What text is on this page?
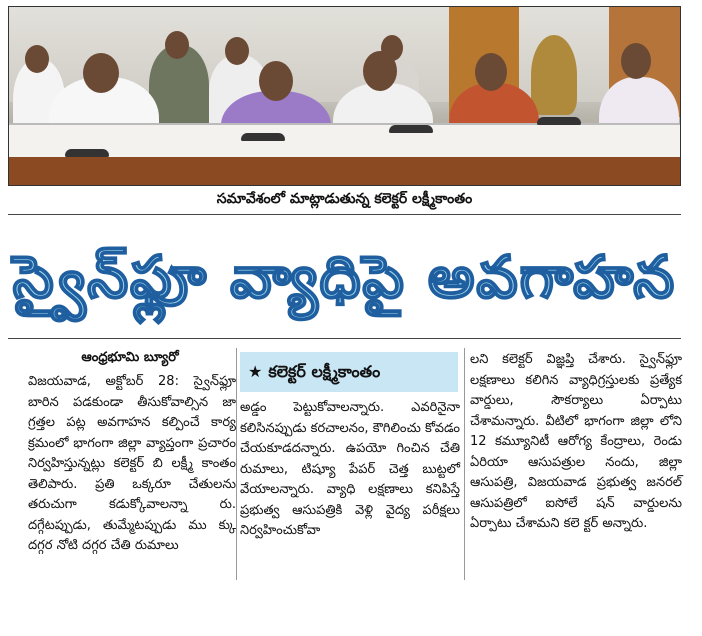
సమావేశంలో మాట్లాడుతున్న కలెక్టర్ లక్ష్మీకాంతం
స్వైన్‌ఫ్లూ వ్యాధిపై అవగాహన
ఆంధ్రభూమి బ్యూరో

విజయవాడ, అక్టోబర్ 28: స్వైన్‌ఫ్లూ బారిన పడకుండా తీసుకోవాల్సిన జా గ్రత్తల పట్ల అవగాహన కల్పించే కార్య క్రమంలో భాగంగా జిల్లా వ్యాప్తంగా ప్రచారం నిర్వహిస్తున్నట్లు కలెక్టర్ బి లక్ష్మీ కాంతం తెలిపారు. ప్రతి ఒక్కరూ చేతులను తరుచుగా కడుక్కోవాలన్నా రు. దగ్గేటప్పుడు, తుమ్మేటప్పుడు ము క్కు దగ్గర నోటి దగ్గర చేతి రుమాలు

★ కలెక్టర్ లక్ష్మీకాంతం

అడ్డం పెట్టుకోవాలన్నారు. ఎవరినైనా కలిసినప్పుడు కరచాలనం, కౌగిలించు కోవడం చేయకూడదన్నారు. ఉపయో గించిన చేతి రుమాలు, టిష్యూ పేపర్ చెత్త బుట్టలో వేయాలన్నారు. వ్యాధి లక్షణాలు కనిపిస్తే ప్రభుత్వ ఆసుపత్రికి వెళ్లి వైద్య పరీక్షలు నిర్వహించుకోవా

లని కలెక్టర్ విజ్ఞప్తి చేశారు. స్వైన్‌ఫ్లూ లక్షణాలు కలిగిన వ్యాధిగ్రస్తులకు ప్రత్యేక వార్డులు, సౌకర్యాలు ఏర్పాటు చేశామన్నారు. వీటిలో భాగంగా జిల్లా లోని 12 కమ్యూనిటీ ఆరోగ్య కేంద్రాలు, రెండు ఏరియా ఆసుపత్రుల నందు, జిల్లా ఆసుపత్రి, విజయవాడ ప్రభుత్వ జనరల్ ఆసుపత్రిలో ఐసోలే షన్ వార్డులను ఏర్పాటు చేశామని కలె క్టర్ అన్నారు.
